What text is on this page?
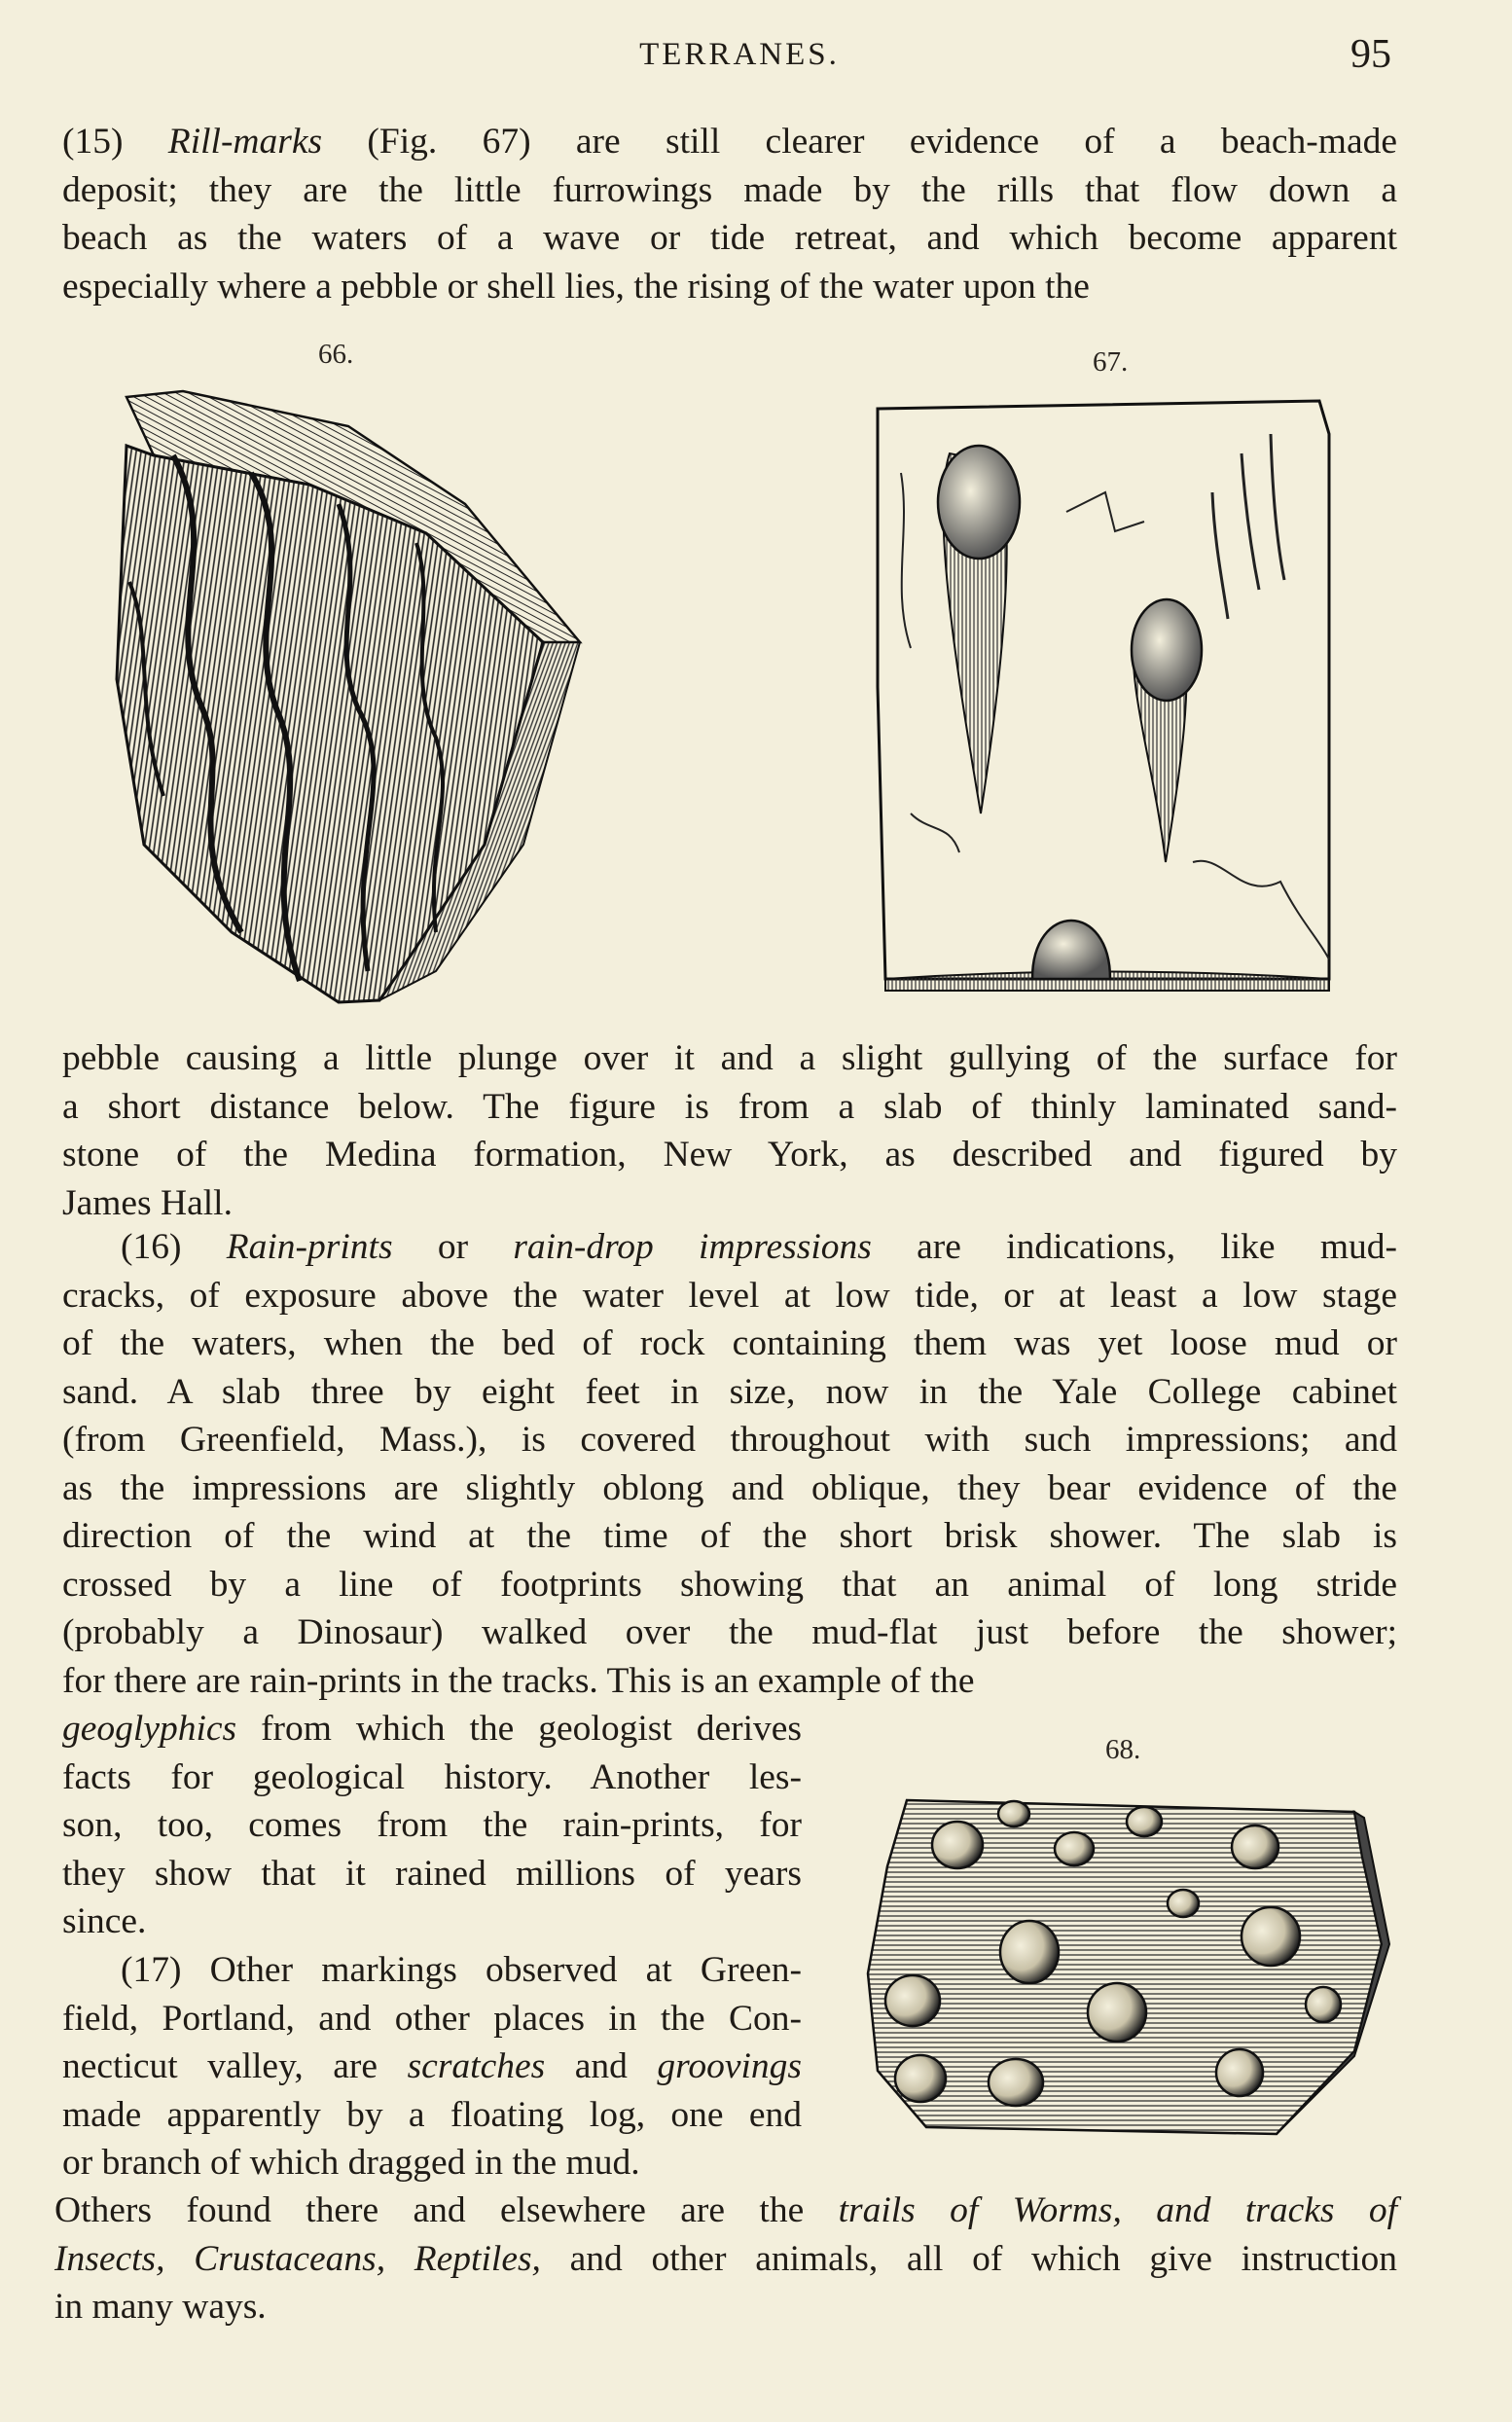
TERRANES.	95
(15) Rill-marks (Fig. 67) are still clearer evidence of a beach-made
deposit; they are the little furrowings made by the rills that flow down a
beach as the waters of a wave or tide retreat, and which become apparent
especially where a pebble or shell lies, the rising of the water upon the
66.	67.
pebble causing a little plunge over it and a slight gullying of the surface for
a short distance below. The figure is from a slab of thinly laminated sand-
stone of the Medina formation, New York, as described and figured by
James Hall.
(16) Rain-prints or rain-drop impressions are indications, like mud-
cracks, of exposure above the water level at low tide, or at least a low stage
of the waters, when the bed of rock containing them was yet loose mud or
sand. A slab three by eight feet in size, now in the Yale College cabinet
(from Greenfield, Mass.), is covered throughout with such impressions; and
as the impressions are slightly oblong and oblique, they bear evidence of the
direction of the wind at the time of the short brisk shower. The slab is
crossed by a line of footprints showing that an animal of long stride
(probably a Dinosaur) walked over the mud-flat just before the shower;
for there are rain-prints in the tracks. This is an example of the
geoglyphics from which the geologist derives
facts for geological history. Another les-
son, too, comes from the rain-prints, for
they show that it rained millions of years
since.
(17) Other markings observed at Green-
field, Portland, and other places in the Con-
necticut valley, are scratches and groovings
made apparently by a floating log, one end
or branch of which dragged in the mud.
Others found there and elsewhere are the trails of Worms, and tracks of
Insects, Crustaceans, Reptiles, and other animals, all of which give instruction
in many ways.
68.
